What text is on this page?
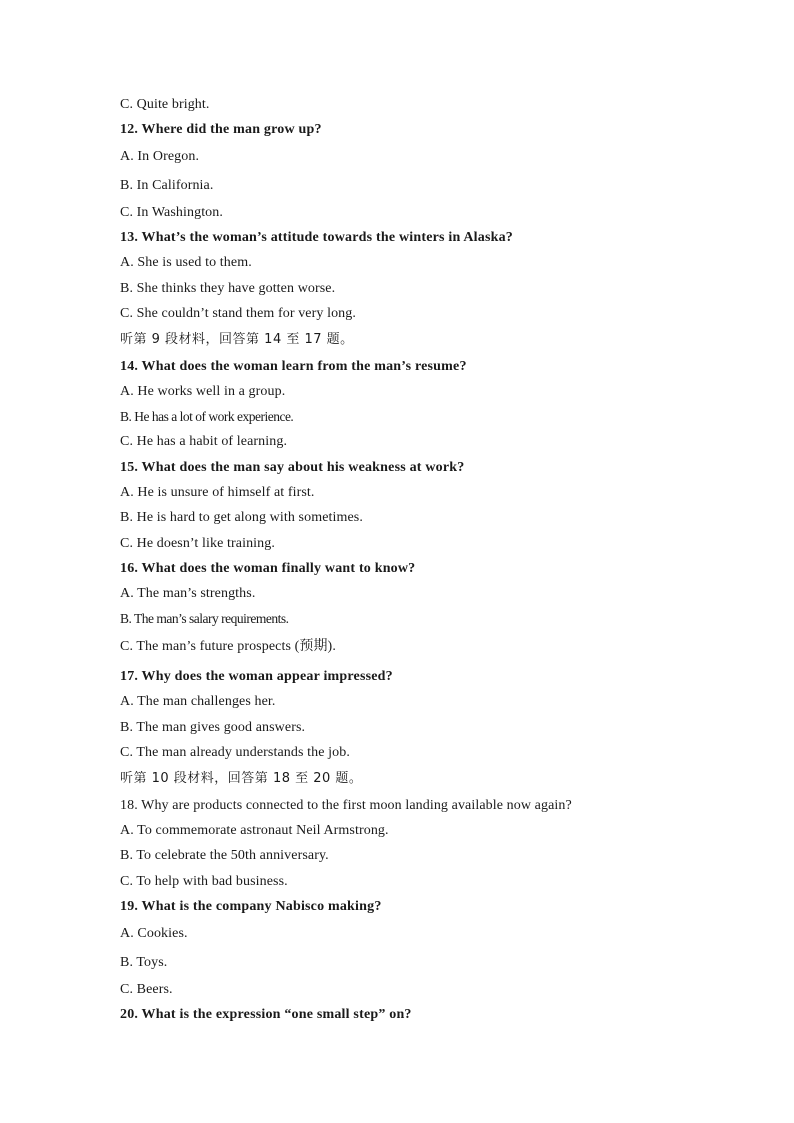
C. Quite bright.
12. Where did the man grow up?
A. In Oregon.
B. In California.
C. In Washington.
13. What’s the woman’s attitude towards the winters in Alaska?
A. She is used to them.
B. She thinks they have gotten worse.
C. She couldn’t stand them for very long.
听第 9 段材料，回答第 14 至 17 题。
14. What does the woman learn from the man’s resume?
A. He works well in a group.
B. He has a lot of work experience.
C. He has a habit of learning.
15. What does the man say about his weakness at work?
A. He is unsure of himself at first.
B. He is hard to get along with sometimes.
C. He doesn’t like training.
16. What does the woman finally want to know?
A. The man’s strengths.
B. The man’s salary requirements.
C. The man’s future prospects (预期).
17. Why does the woman appear impressed?
A. The man challenges her.
B. The man gives good answers.
C. The man already understands the job.
听第 10 段材料，回答第 18 至 20 题。
18. Why are products connected to the first moon landing available now again?
A. To commemorate astronaut Neil Armstrong.
B. To celebrate the 50th anniversary.
C. To help with bad business.
19. What is the company Nabisco making?
A. Cookies.
B. Toys.
C. Beers.
20. What is the expression “one small step” on?
